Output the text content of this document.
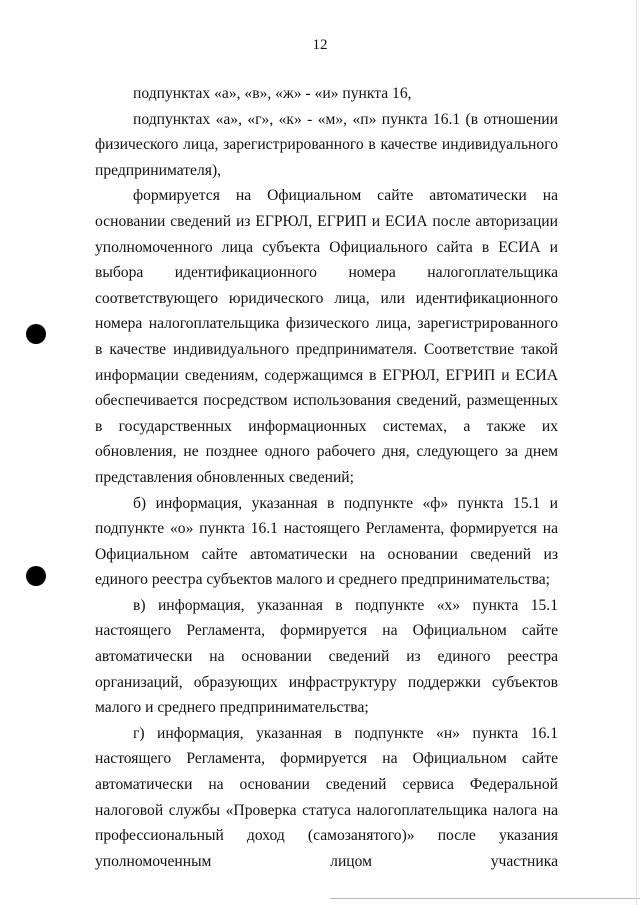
12

подпунктах «а», «в», «ж» - «и» пункта 16,

подпунктах «а», «г», «к» - «м», «п» пункта 16.1 (в отношении физического лица, зарегистрированного в качестве индивидуального предпринимателя),

формируется на Официальном сайте автоматически на основании сведений из ЕГРЮЛ, ЕГРИП и ЕСИА после авторизации уполномоченного лица субъекта Официального сайта в ЕСИА и выбора идентификационного номера налогоплательщика соответствующего юридического лица, или идентификационного номера налогоплательщика физического лица, зарегистрированного в качестве индивидуального предпринимателя. Соответствие такой информации сведениям, содержащимся в ЕГРЮЛ, ЕГРИП и ЕСИА обеспечивается посредством использования сведений, размещенных в государственных информационных системах, а также их обновления, не позднее одного рабочего дня, следующего за днем представления обновленных сведений;

б) информация, указанная в подпункте «ф» пункта 15.1 и подпункте «о» пункта 16.1 настоящего Регламента, формируется на Официальном сайте автоматически на основании сведений из единого реестра субъектов малого и среднего предпринимательства;

в) информация, указанная в подпункте «х» пункта 15.1 настоящего Регламента, формируется на Официальном сайте автоматически на основании сведений из единого реестра организаций, образующих инфраструктуру поддержки субъектов малого и среднего предпринимательства;

г) информация, указанная в подпункте «н» пункта 16.1 настоящего Регламента, формируется на Официальном сайте автоматически на основании сведений сервиса Федеральной налоговой службы «Проверка статуса налогоплательщика налога на профессиональный доход (самозанятого)» после указания уполномоченным лицом участника
